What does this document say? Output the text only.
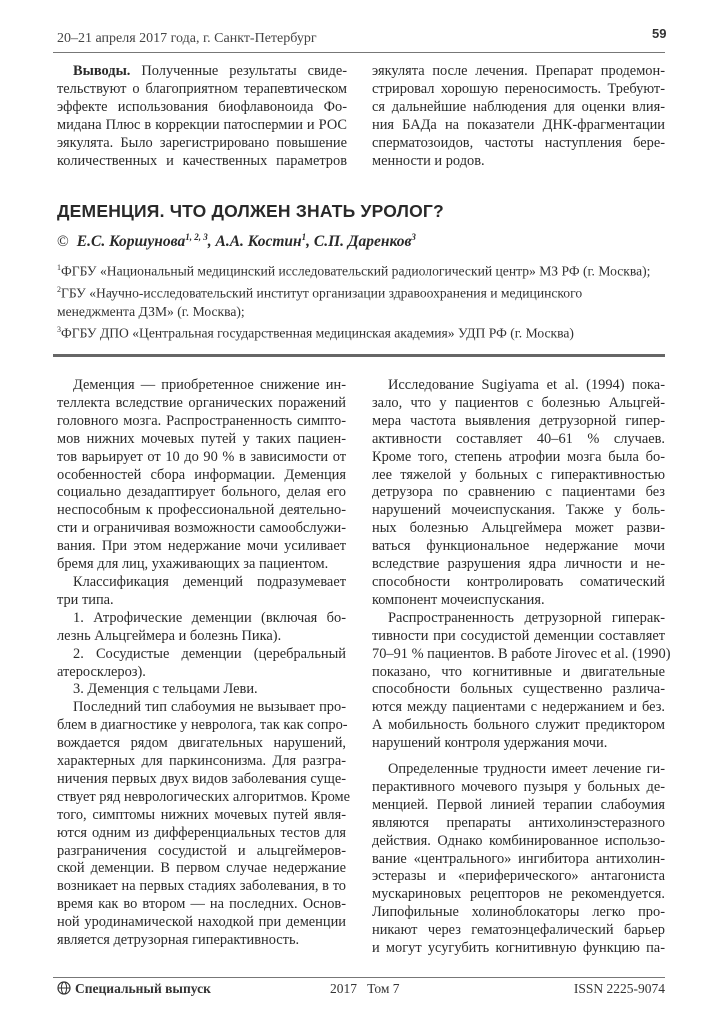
20–21 апреля 2017 года, г. Санкт-Петербург	59
Выводы. Полученные результаты свиде-
тельствуют о благоприятном терапевтическом
эффекте использования биофлавоноида Фо-
мидана Плюс в коррекции патоспермии и РОС
эякулята. Было зарегистрировано повышение
количественных и качественных параметров
эякулята после лечения. Препарат продемон-
стрировал хорошую переносимость. Требуют-
ся дальнейшие наблюдения для оценки влия-
ния БАДа на показатели ДНК-фрагментации
сперматозоидов, частоты наступления бере-
менности и родов.
ДЕМЕНЦИЯ. ЧТО ДОЛЖЕН ЗНАТЬ УРОЛОГ?
© Е.С. Коршунова$^{1, 2, 3}$, А.А. Костин$^1$, С.П. Даренков$^3$
$^1$ФГБУ «Национальный медицинский исследовательский радиологический центр» МЗ РФ (г. Москва);
$^2$ГБУ «Научно-исследовательский институт организации здравоохранения и медицинского менеджмента ДЗМ» (г. Москва);
$^3$ФГБУ ДПО «Центральная государственная медицинская академия» УДП РФ (г. Москва)
Деменция — приобретенное снижение ин-
теллекта вследствие органических поражений
головного мозга. Распространенность симпто-
мов нижних мочевых путей у таких пациен-
тов варьирует от 10 до 90 % в зависимости от
особенностей сбора информации. Деменция
социально дезадаптирует больного, делая его
неспособным к профессиональной деятельно-
сти и ограничивая возможности самообслужи-
вания. При этом недержание мочи усиливает
бремя для лиц, ухаживающих за пациентом.
Классификация деменций подразумевает
три типа.
1. Атрофические деменции (включая бо-
лезнь Альцгеймера и болезнь Пика).
2. Сосудистые деменции (церебральный
атеросклероз).
3. Деменция с тельцами Леви.
Последний тип слабоумия не вызывает про-
блем в диагностике у невролога, так как сопро-
вождается рядом двигательных нарушений,
характерных для паркинсонизма. Для разгра-
ничения первых двух видов заболевания суще-
ствует ряд неврологических алгоритмов. Кроме
того, симптомы нижних мочевых путей явля-
ются одним из дифференциальных тестов для
разграничения сосудистой и альцгеймеров-
ской деменции. В первом случае недержание
возникает на первых стадиях заболевания, в то
время как во втором — на последних. Основ-
ной уродинамической находкой при деменции
является детрузорная гиперактивность.
Исследование Sugiyama et al. (1994) пока-
зало, что у пациентов с болезнью Альцгей-
мера частота выявления детрузорной гипер-
активности составляет 40–61 % случаев.
Кроме того, степень атрофии мозга была бо-
лее тяжелой у больных с гиперактивностью
детрузора по сравнению с пациентами без
нарушений мочеиспускания. Также у боль-
ных болезнью Альцгеймера может разви-
ваться функциональное недержание мочи
вследствие разрушения ядра личности и не-
способности контролировать соматический
компонент мочеиспускания.
Распространенность детрузорной гиперак-
тивности при сосудистой деменции составляет
70–91 % пациентов. В работе Jirovec et al. (1990)
показано, что когнитивные и двигательные
способности больных существенно различа-
ются между пациентами с недержанием и без.
А мобильность больного служит предиктором
нарушений контроля удержания мочи.
Определенные трудности имеет лечение ги-
перактивного мочевого пузыря у больных де-
менцией. Первой линией терапии слабоумия
являются препараты антихолинэстеразного
действия. Однако комбинированное использо-
вание «центрального» ингибитора антихолин-
эстеразы и «периферического» антагониста
мускариновых рецепторов не рекомендуется.
Липофильные холиноблокаторы легко про-
никают через гематоэнцефалический барьер
и могут усугубить когнитивную функцию па-
Специальный выпуск	2017 Том 7	ISSN 2225-9074
